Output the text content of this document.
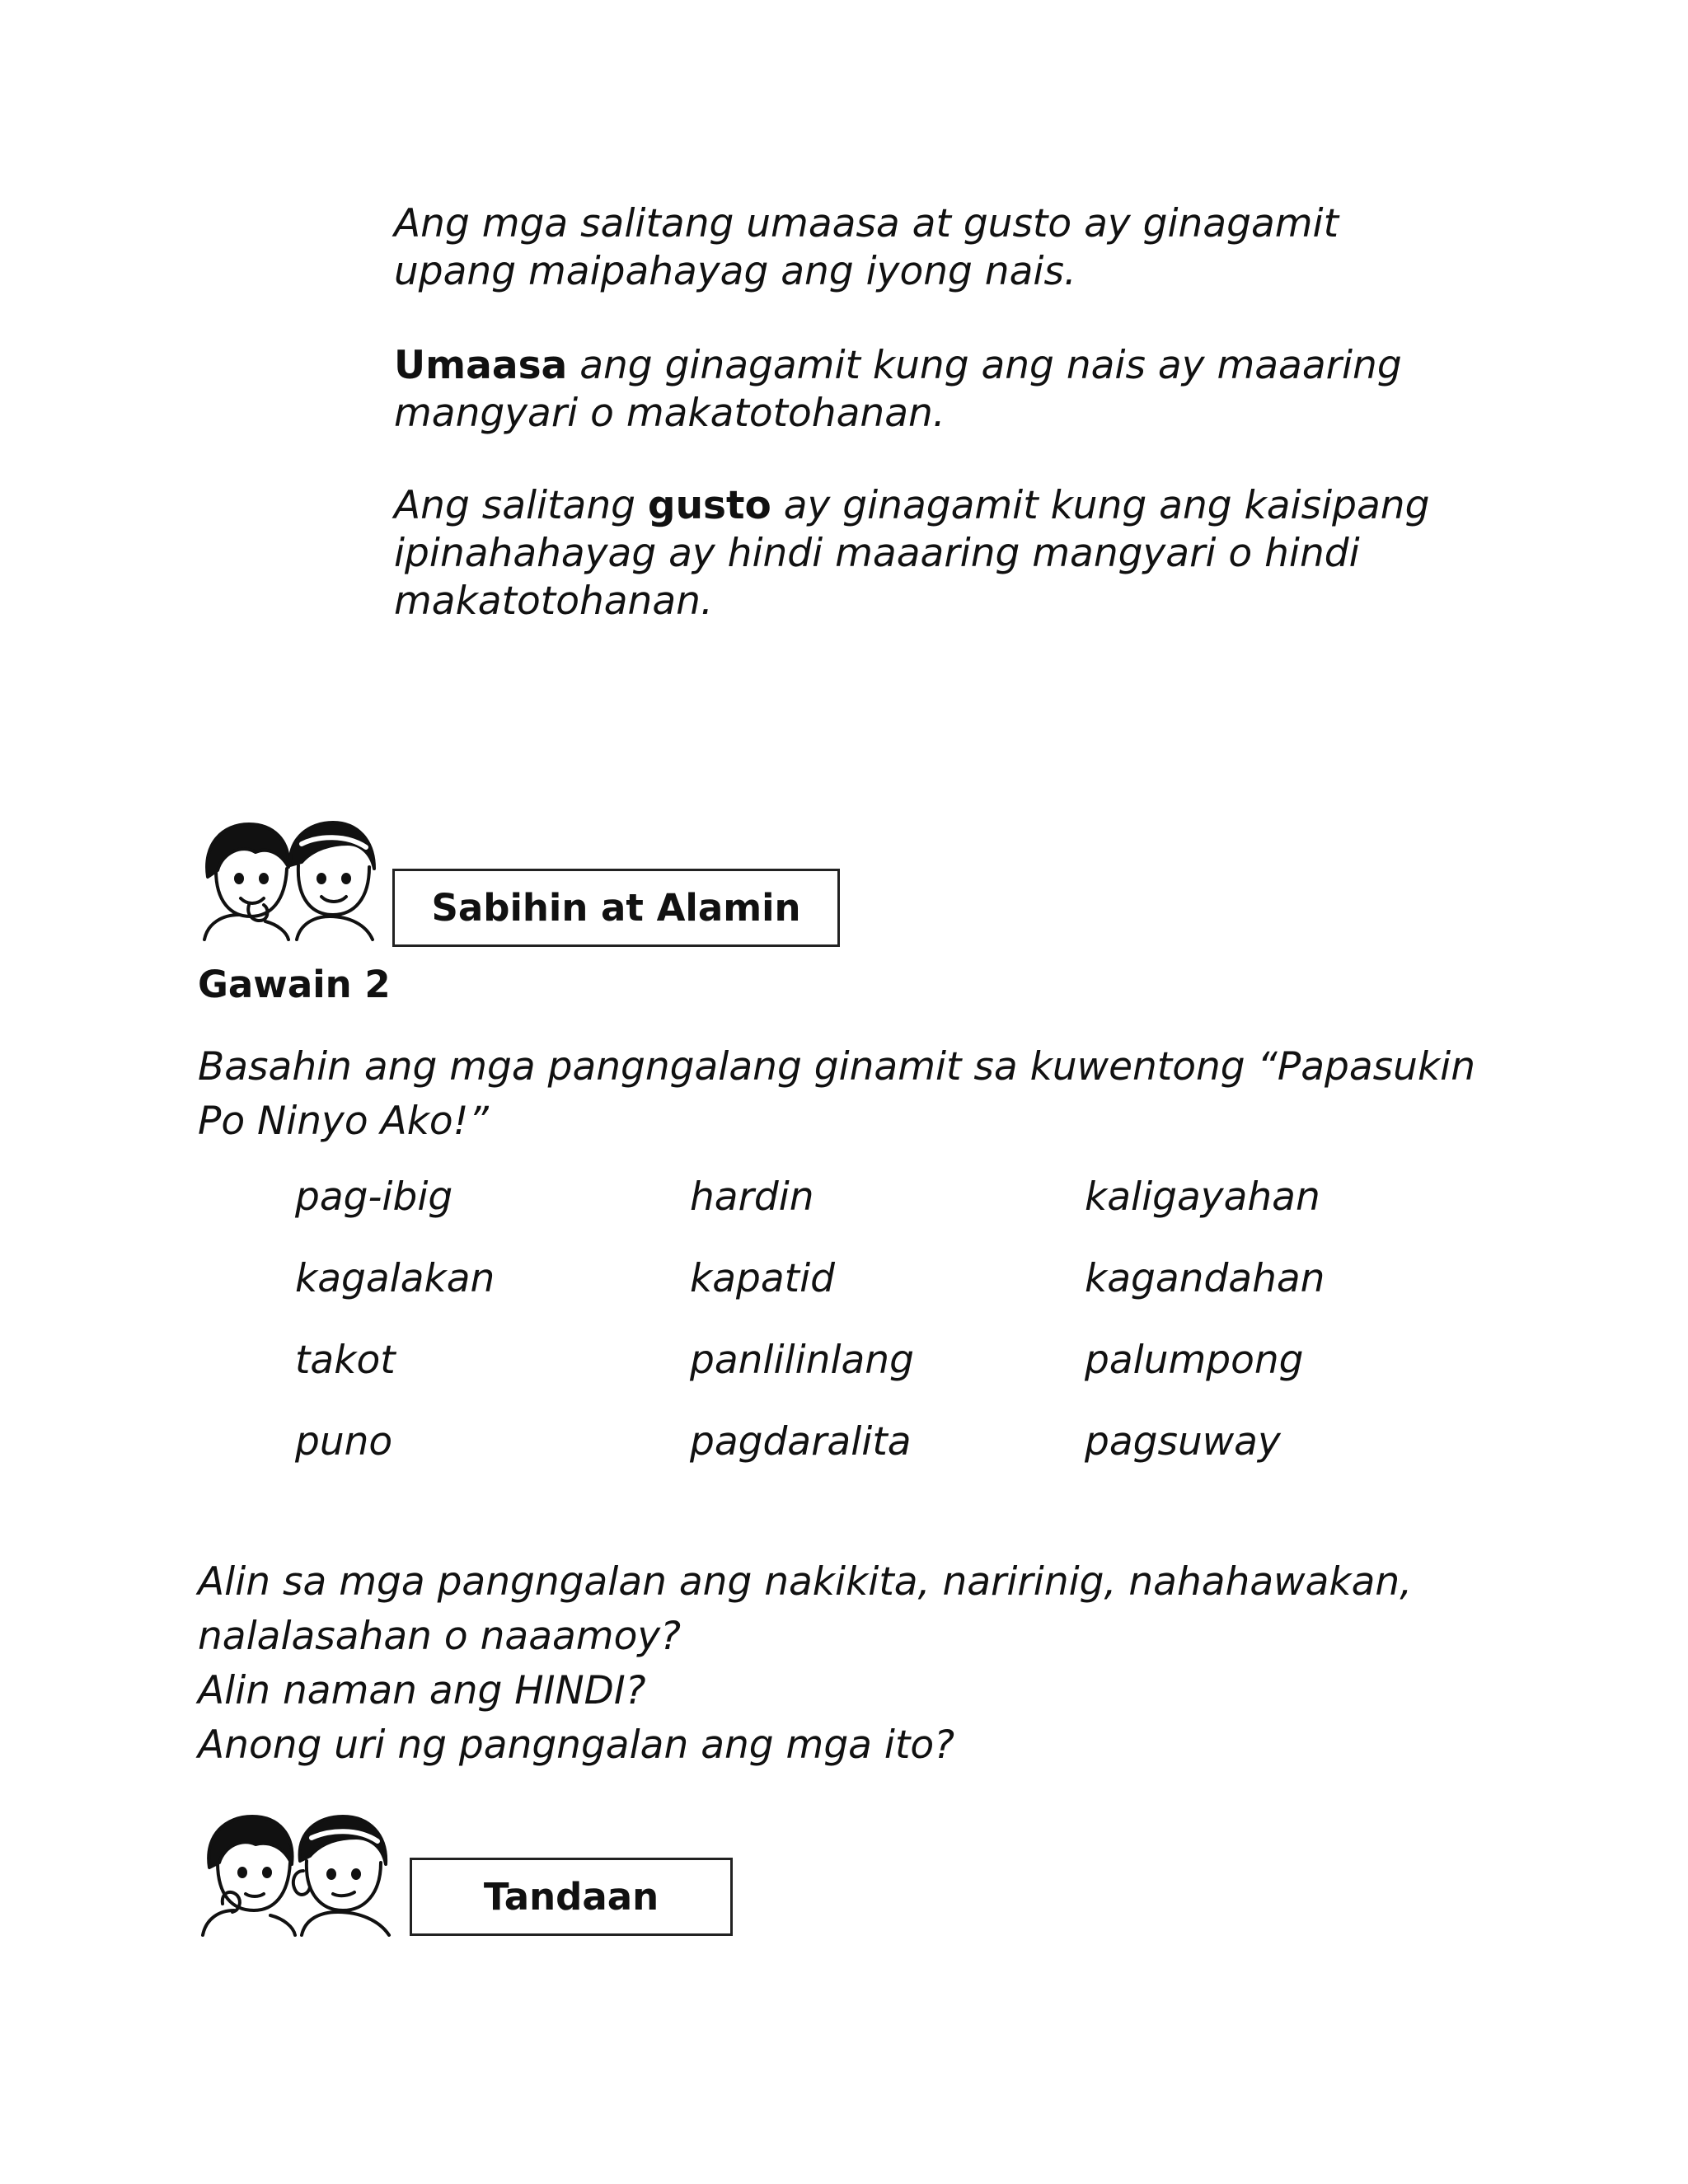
Ang mga salitang umaasa at gusto ay ginagamit upang maipahayag ang iyong nais.

Umaasa ang ginagamit kung ang nais ay maaaring mangyari o makatotohanan.

Ang salitang gusto ay ginagamit kung ang kaisipang ipinahahayag ay hindi maaaring mangyari o hindi makatotohanan.

Sabihin at Alamin

Gawain 2

Basahin ang mga pangngalang ginamit sa kuwentong “Papasukin Po Ninyo Ako!”

pag-ibig	hardin	kaligayahan
kagalakan	kapatid	kagandahan
takot	panlilinlang	palumpong
puno	pagdaralita	pagsuway
Alin sa mga pangngalan ang nakikita, naririnig, nahahawakan, nalalasahan o naaamoy?
Alin naman ang HINDI?
Anong uri ng pangngalan ang mga ito?
Tandaan
